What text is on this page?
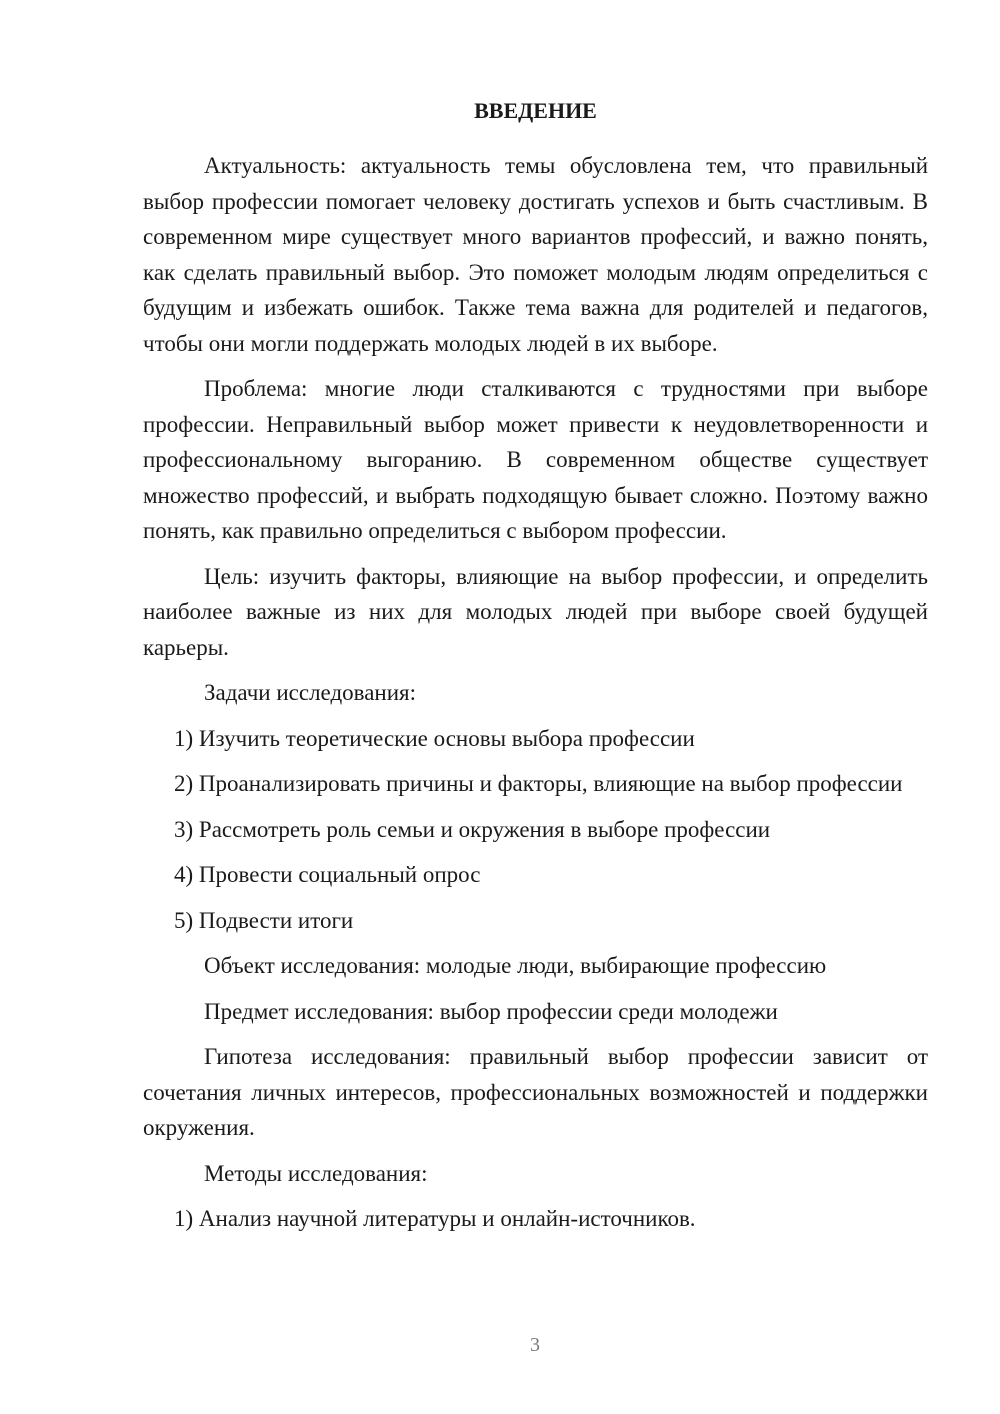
ВВЕДЕНИЕ

Актуальность: актуальность темы обусловлена тем, что правильный выбор профессии помогает человеку достигать успехов и быть счастливым. В современном мире существует много вариантов профессий, и важно понять, как сделать правильный выбор. Это поможет молодым людям определиться с будущим и избежать ошибок. Также тема важна для родителей и педагогов, чтобы они могли поддержать молодых людей в их выборе.

Проблема: многие люди сталкиваются с трудностями при выборе профессии. Неправильный выбор может привести к неудовлетворенности и профессиональному выгоранию. В современном обществе существует множество профессий, и выбрать подходящую бывает сложно. Поэтому важно понять, как правильно определиться с выбором профессии.

Цель: изучить факторы, влияющие на выбор профессии, и определить наиболее важные из них для молодых людей при выборе своей будущей карьеры.

Задачи исследования:

1) Изучить теоретические основы выбора профессии

2) Проанализировать причины и факторы, влияющие на выбор профессии

3) Рассмотреть роль семьи и окружения в выборе профессии

4) Провести социальный опрос

5) Подвести итоги

Объект исследования: молодые люди, выбирающие профессию

Предмет исследования: выбор профессии среди молодежи

Гипотеза исследования: правильный выбор профессии зависит от сочетания личных интересов, профессиональных возможностей и поддержки окружения.

Методы исследования:

1) Анализ научной литературы и онлайн-источников.

3
